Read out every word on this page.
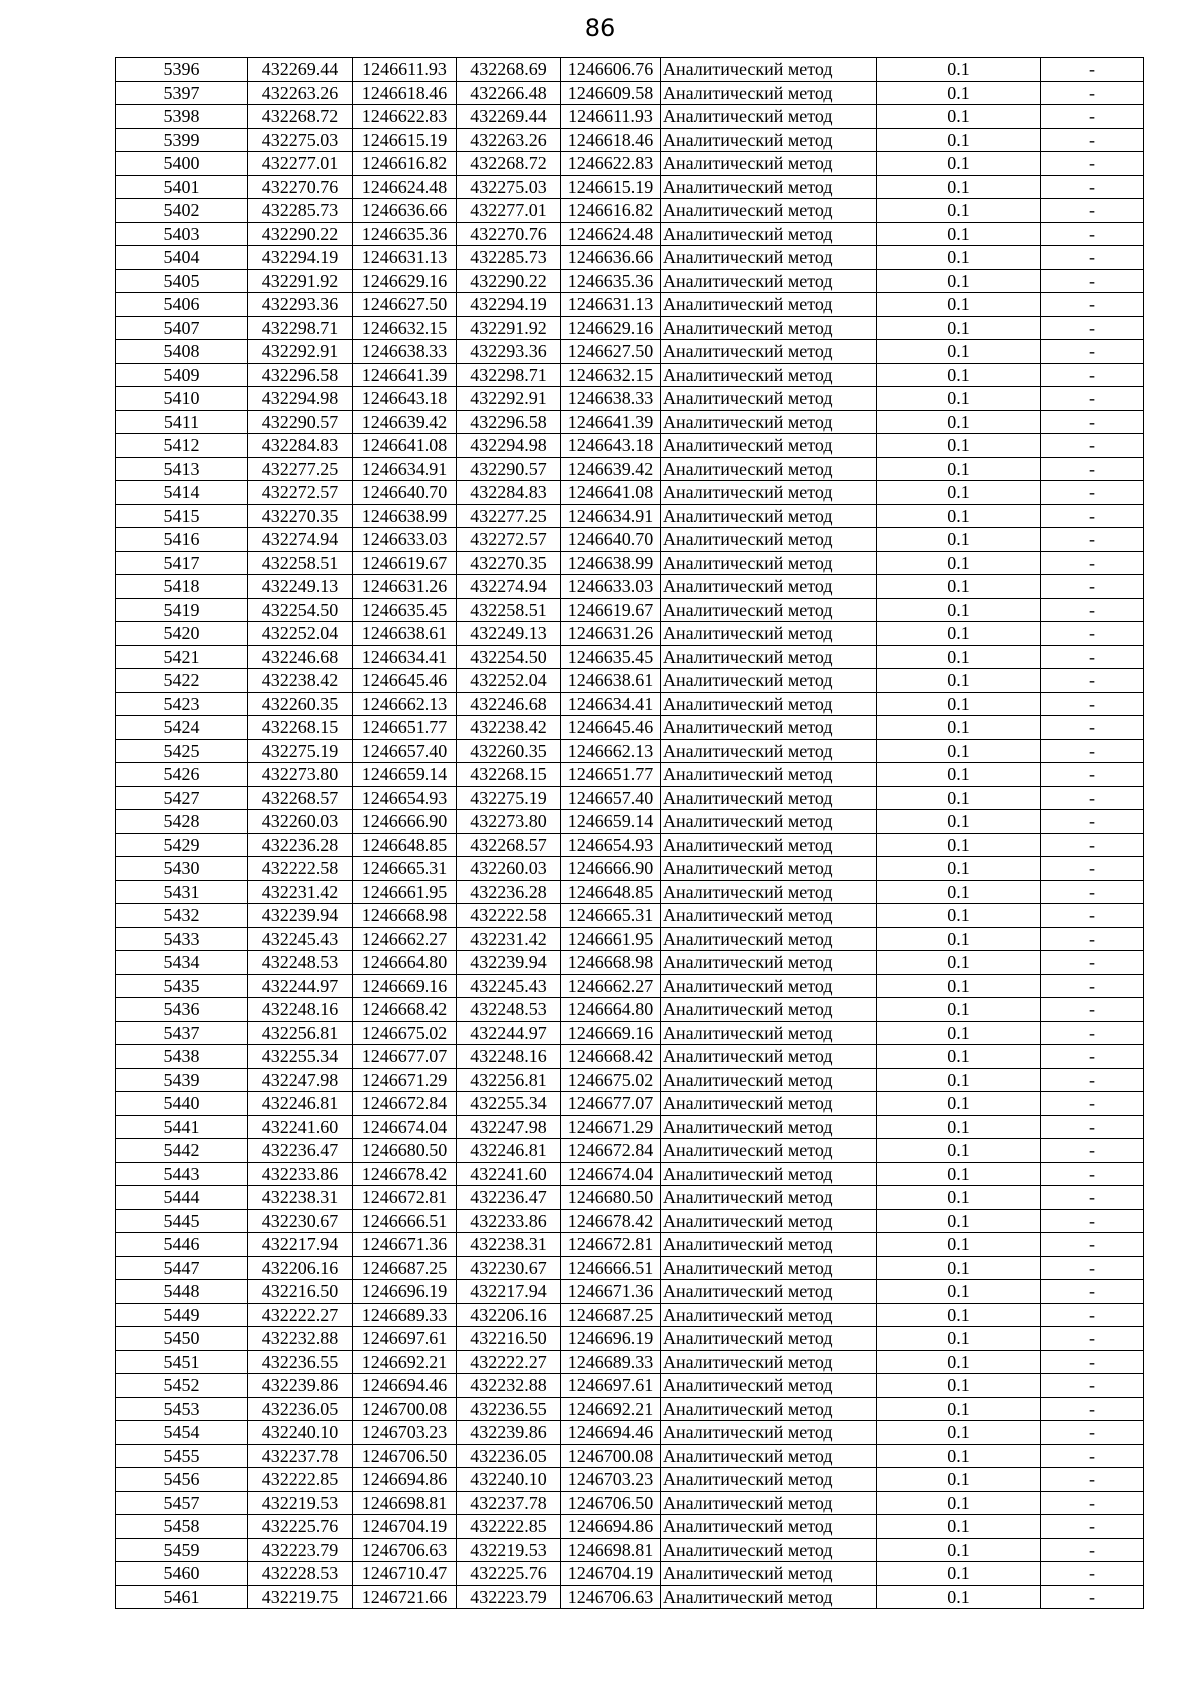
86
5396	432269.44	1246611.93	432268.69	1246606.76	Аналитический метод	0.1	-
5397	432263.26	1246618.46	432266.48	1246609.58	Аналитический метод	0.1	-
5398	432268.72	1246622.83	432269.44	1246611.93	Аналитический метод	0.1	-
5399	432275.03	1246615.19	432263.26	1246618.46	Аналитический метод	0.1	-
5400	432277.01	1246616.82	432268.72	1246622.83	Аналитический метод	0.1	-
5401	432270.76	1246624.48	432275.03	1246615.19	Аналитический метод	0.1	-
5402	432285.73	1246636.66	432277.01	1246616.82	Аналитический метод	0.1	-
5403	432290.22	1246635.36	432270.76	1246624.48	Аналитический метод	0.1	-
5404	432294.19	1246631.13	432285.73	1246636.66	Аналитический метод	0.1	-
5405	432291.92	1246629.16	432290.22	1246635.36	Аналитический метод	0.1	-
5406	432293.36	1246627.50	432294.19	1246631.13	Аналитический метод	0.1	-
5407	432298.71	1246632.15	432291.92	1246629.16	Аналитический метод	0.1	-
5408	432292.91	1246638.33	432293.36	1246627.50	Аналитический метод	0.1	-
5409	432296.58	1246641.39	432298.71	1246632.15	Аналитический метод	0.1	-
5410	432294.98	1246643.18	432292.91	1246638.33	Аналитический метод	0.1	-
5411	432290.57	1246639.42	432296.58	1246641.39	Аналитический метод	0.1	-
5412	432284.83	1246641.08	432294.98	1246643.18	Аналитический метод	0.1	-
5413	432277.25	1246634.91	432290.57	1246639.42	Аналитический метод	0.1	-
5414	432272.57	1246640.70	432284.83	1246641.08	Аналитический метод	0.1	-
5415	432270.35	1246638.99	432277.25	1246634.91	Аналитический метод	0.1	-
5416	432274.94	1246633.03	432272.57	1246640.70	Аналитический метод	0.1	-
5417	432258.51	1246619.67	432270.35	1246638.99	Аналитический метод	0.1	-
5418	432249.13	1246631.26	432274.94	1246633.03	Аналитический метод	0.1	-
5419	432254.50	1246635.45	432258.51	1246619.67	Аналитический метод	0.1	-
5420	432252.04	1246638.61	432249.13	1246631.26	Аналитический метод	0.1	-
5421	432246.68	1246634.41	432254.50	1246635.45	Аналитический метод	0.1	-
5422	432238.42	1246645.46	432252.04	1246638.61	Аналитический метод	0.1	-
5423	432260.35	1246662.13	432246.68	1246634.41	Аналитический метод	0.1	-
5424	432268.15	1246651.77	432238.42	1246645.46	Аналитический метод	0.1	-
5425	432275.19	1246657.40	432260.35	1246662.13	Аналитический метод	0.1	-
5426	432273.80	1246659.14	432268.15	1246651.77	Аналитический метод	0.1	-
5427	432268.57	1246654.93	432275.19	1246657.40	Аналитический метод	0.1	-
5428	432260.03	1246666.90	432273.80	1246659.14	Аналитический метод	0.1	-
5429	432236.28	1246648.85	432268.57	1246654.93	Аналитический метод	0.1	-
5430	432222.58	1246665.31	432260.03	1246666.90	Аналитический метод	0.1	-
5431	432231.42	1246661.95	432236.28	1246648.85	Аналитический метод	0.1	-
5432	432239.94	1246668.98	432222.58	1246665.31	Аналитический метод	0.1	-
5433	432245.43	1246662.27	432231.42	1246661.95	Аналитический метод	0.1	-
5434	432248.53	1246664.80	432239.94	1246668.98	Аналитический метод	0.1	-
5435	432244.97	1246669.16	432245.43	1246662.27	Аналитический метод	0.1	-
5436	432248.16	1246668.42	432248.53	1246664.80	Аналитический метод	0.1	-
5437	432256.81	1246675.02	432244.97	1246669.16	Аналитический метод	0.1	-
5438	432255.34	1246677.07	432248.16	1246668.42	Аналитический метод	0.1	-
5439	432247.98	1246671.29	432256.81	1246675.02	Аналитический метод	0.1	-
5440	432246.81	1246672.84	432255.34	1246677.07	Аналитический метод	0.1	-
5441	432241.60	1246674.04	432247.98	1246671.29	Аналитический метод	0.1	-
5442	432236.47	1246680.50	432246.81	1246672.84	Аналитический метод	0.1	-
5443	432233.86	1246678.42	432241.60	1246674.04	Аналитический метод	0.1	-
5444	432238.31	1246672.81	432236.47	1246680.50	Аналитический метод	0.1	-
5445	432230.67	1246666.51	432233.86	1246678.42	Аналитический метод	0.1	-
5446	432217.94	1246671.36	432238.31	1246672.81	Аналитический метод	0.1	-
5447	432206.16	1246687.25	432230.67	1246666.51	Аналитический метод	0.1	-
5448	432216.50	1246696.19	432217.94	1246671.36	Аналитический метод	0.1	-
5449	432222.27	1246689.33	432206.16	1246687.25	Аналитический метод	0.1	-
5450	432232.88	1246697.61	432216.50	1246696.19	Аналитический метод	0.1	-
5451	432236.55	1246692.21	432222.27	1246689.33	Аналитический метод	0.1	-
5452	432239.86	1246694.46	432232.88	1246697.61	Аналитический метод	0.1	-
5453	432236.05	1246700.08	432236.55	1246692.21	Аналитический метод	0.1	-
5454	432240.10	1246703.23	432239.86	1246694.46	Аналитический метод	0.1	-
5455	432237.78	1246706.50	432236.05	1246700.08	Аналитический метод	0.1	-
5456	432222.85	1246694.86	432240.10	1246703.23	Аналитический метод	0.1	-
5457	432219.53	1246698.81	432237.78	1246706.50	Аналитический метод	0.1	-
5458	432225.76	1246704.19	432222.85	1246694.86	Аналитический метод	0.1	-
5459	432223.79	1246706.63	432219.53	1246698.81	Аналитический метод	0.1	-
5460	432228.53	1246710.47	432225.76	1246704.19	Аналитический метод	0.1	-
5461	432219.75	1246721.66	432223.79	1246706.63	Аналитический метод	0.1	-
